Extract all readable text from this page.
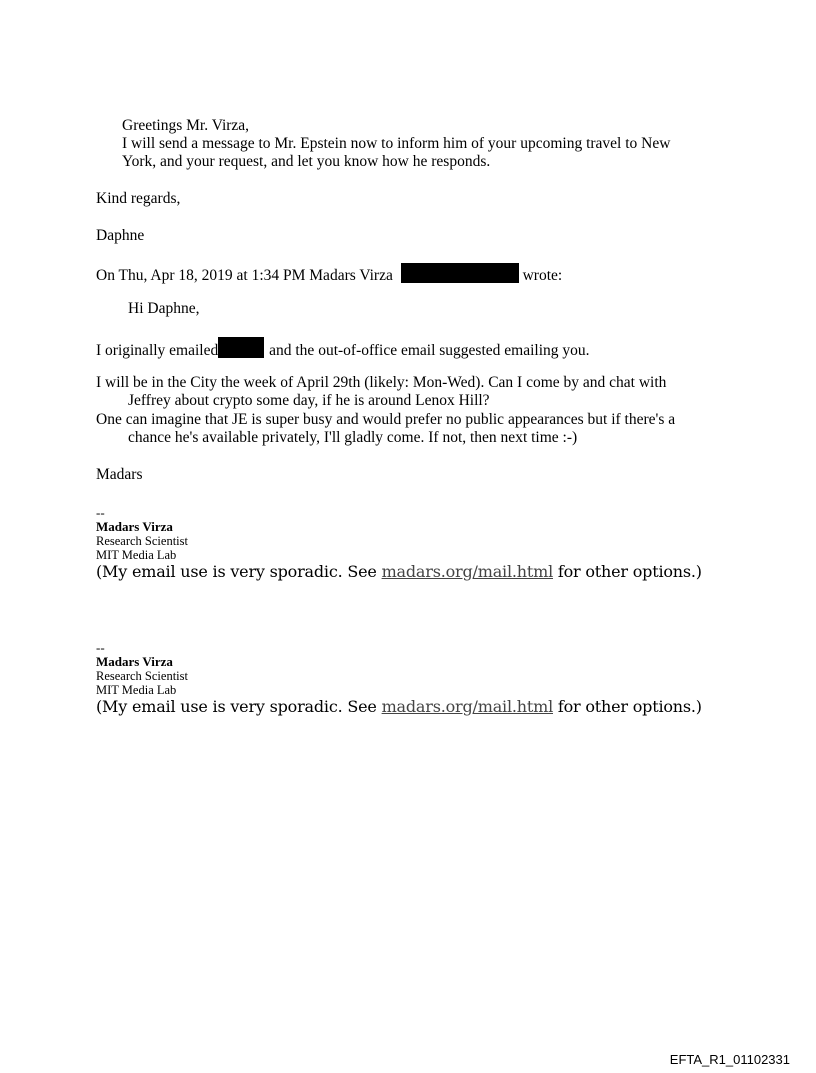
Greetings Mr. Virza,
I will send a message to Mr. Epstein now to inform him of your upcoming travel to New
York, and your request, and let you know how he responds.
Kind regards,
Daphne
On Thu, Apr 18, 2019 at 1:34 PM Madars Virza	wrote:
Hi Daphne,
I originally emailed	and the out-of-office email suggested emailing you.
I will be in the City the week of April 29th (likely: Mon-Wed). Can I come by and chat with
Jeffrey about crypto some day, if he is around Lenox Hill?
One can imagine that JE is super busy and would prefer no public appearances but if there's a
chance he's available privately, I'll gladly come. If not, then next time :-)
Madars
--
Madars Virza
Research Scientist
MIT Media Lab
(My email use is very sporadic. See madars.org/mail.html for other options.)
--
Madars Virza
Research Scientist
MIT Media Lab
(My email use is very sporadic. See madars.org/mail.html for other options.)
EFTA_R1_01102331
